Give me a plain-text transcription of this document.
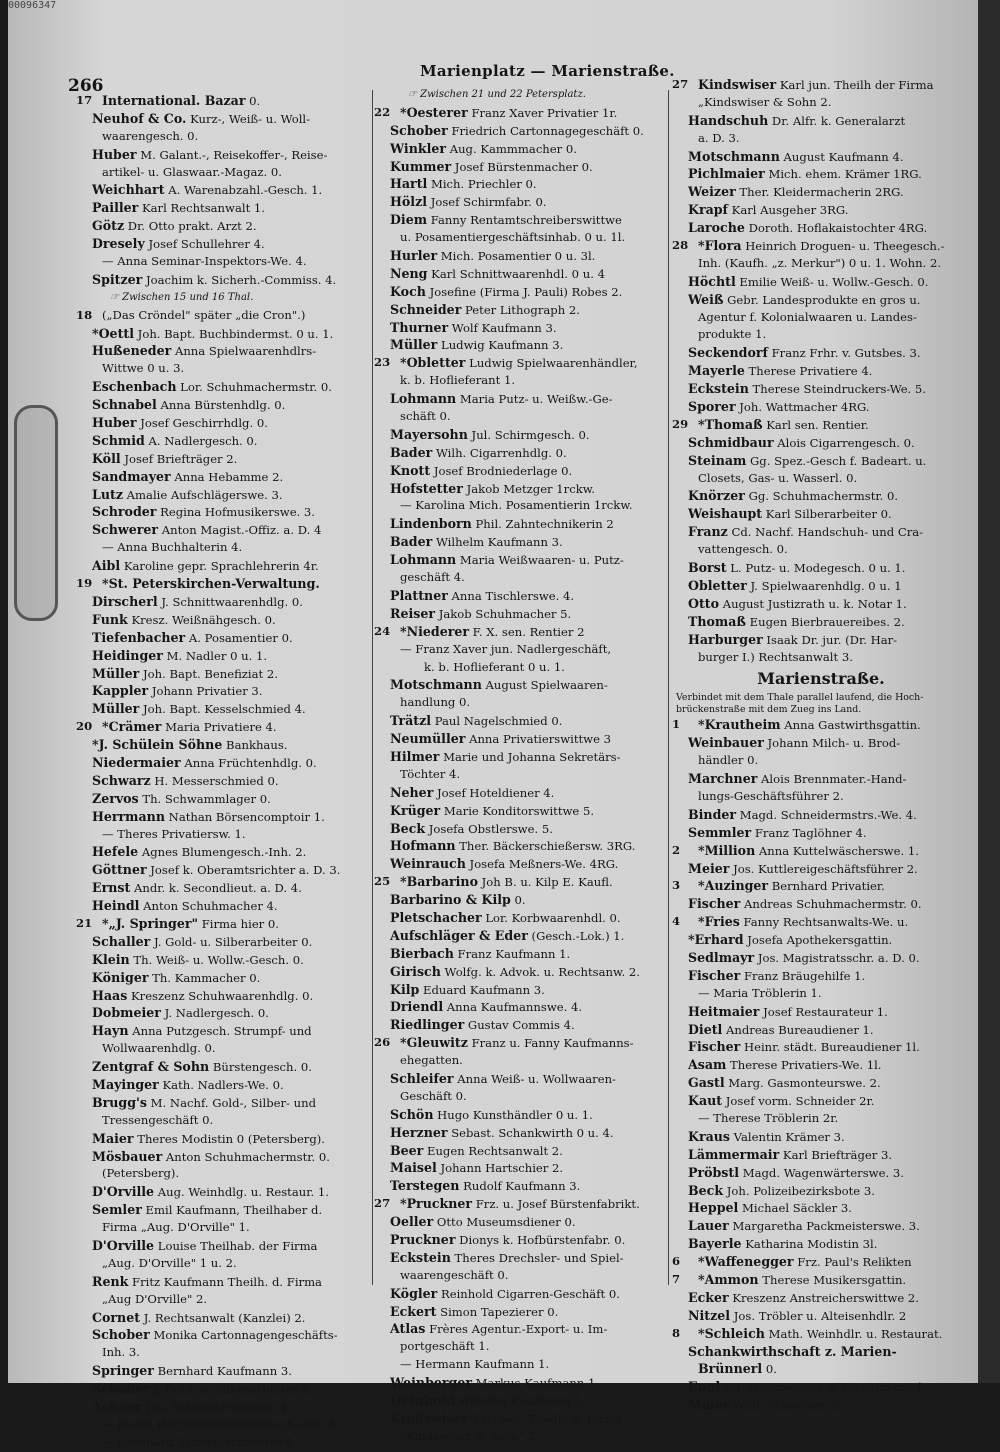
00096347
266
Marienplatz — Marienstraße.
17 International. Bazar 0.
Neuhof & Co. Kurz-, Weiß- u. Woll-
waarengesch. 0.
Huber M. Galant.-, Reisekoffer-, Reise-
artikel- u. Glaswaar.-Magaz. 0.
Weichhart A. Warenabzahl.-Gesch. 1.
Pailler Karl Rechtsanwalt 1.
Götz Dr. Otto prakt. Arzt 2.
Dresely Josef Schullehrer 4.
— Anna Seminar-Inspektors-We. 4.
Spitzer Joachim k. Sicherh.-Commiss. 4.
☞ Zwischen 15 und 16 Thal.
18 („Das Cröndel" später „die Cron".)
*Oettl Joh. Bapt. Buchbindermst. 0 u. 1.
Hußeneder Anna Spielwaarenhdlrs-
Wittwe 0 u. 3.
Eschenbach Lor. Schuhmachermstr. 0.
Schnabel Anna Bürstenhdlg. 0.
Huber Josef Geschirrhdlg. 0.
Schmid A. Nadlergesch. 0.
Köll Josef Briefträger 2.
Sandmayer Anna Hebamme 2.
Lutz Amalie Aufschlägerswe. 3.
Schroder Regina Hofmusikerswe. 3.
Schwerer Anton Magist.-Offiz. a. D. 4
— Anna Buchhalterin 4.
Aibl Karoline gepr. Sprachlehrerin 4r.
19 *St. Peterskirchen-Verwaltung.
Dirscherl J. Schnittwaarenhdlg. 0.
Funk Kresz. Weißnähgesch. 0.
Tiefenbacher A. Posamentier 0.
Heidinger M. Nadler 0 u. 1.
Müller Joh. Bapt. Benefiziat 2.
Kappler Johann Privatier 3.
Müller Joh. Bapt. Kesselschmied 4.
20 *Crämer Maria Privatiere 4.
*J. Schülein Söhne Bankhaus.
Niedermaier Anna Früchtenhdlg. 0.
Schwarz H. Messerschmied 0.
Zervos Th. Schwammlager 0.
Herrmann Nathan Börsencomptoir 1.
— Theres Privatiersw. 1.
Hefele Agnes Blumengesch.-Inh. 2.
Göttner Josef k. Oberamtsrichter a. D. 3.
Ernst Andr. k. Secondlieut. a. D. 4.
Heindl Anton Schuhmacher 4.
21 *„J. Springer" Firma hier 0.
Schaller J. Gold- u. Silberarbeiter 0.
Klein Th. Weiß- u. Wollw.-Gesch. 0.
Königer Th. Kammacher 0.
Haas Kreszenz Schuhwaarenhdlg. 0.
Dobmeier J. Nadlergesch. 0.
Hayn Anna Putzgesch. Strumpf- und
Wollwaarenhdlg. 0.
Zentgraf & Sohn Bürstengesch. 0.
Mayinger Kath. Nadlers-We. 0.
Brugg's M. Nachf. Gold-, Silber- und
Tressengeschäft 0.
Maier Theres Modistin 0 (Petersberg).
Mösbauer Anton Schuhmachermstr. 0.
(Petersberg).
D'Orville Aug. Weinhdlg. u. Restaur. 1.
Semler Emil Kaufmann, Theilhaber d.
Firma „Aug. D'Orville" 1.
D'Orville Louise Theilhab. der Firma
„Aug. D'Orville" 1 u. 2.
Renk Fritz Kaufmann Theilh. d. Firma
„Aug D'Orville" 2.
Cornet J. Rechtsanwalt (Kanzlei) 2.
Schober Monika Cartonnagengeschäfts-
Inh. 3.
Springer Bernhard Kaufmann 3.
Schaller J. Gold- u. Silberarbeiter 4.
Achner Jos. Schneidermeister 4.
— Josefa Herrengarderobegesch.-Inh. 4.
— Leonhard Schneidermeister 4.
☞ Zwischen 21 und 22 Petersplatz.
22 *Oesterer Franz Xaver Privatier 1r.
Schober Friedrich Cartonnagegeschäft 0.
Winkler Aug. Kammmacher 0.
Kummer Josef Bürstenmacher 0.
Hartl Mich. Priechler 0.
Hölzl Josef Schirmfabr. 0.
Diem Fanny Rentamtschreiberswittwe
u. Posamentiergeschäftsinhab. 0 u. 1l.
Hurler Mich. Posamentier 0 u. 3l.
Neng Karl Schnittwaarenhdl. 0 u. 4
Koch Josefine (Firma J. Pauli) Robes 2.
Schneider Peter Lithograph 2.
Thurner Wolf Kaufmann 3.
Müller Ludwig Kaufmann 3.
23 *Obletter Ludwig Spielwaarenhändler,
k. b. Hoflieferant 1.
Lohmann Maria Putz- u. Weißw.-Ge-
schäft 0.
Mayersohn Jul. Schirmgesch. 0.
Bader Wilh. Cigarrenhdlg. 0.
Knott Josef Brodniederlage 0.
Hofstetter Jakob Metzger 1rckw.
— Karolina Mich. Posamentierin 1rckw.
Lindenborn Phil. Zahntechnikerin 2
Bader Wilhelm Kaufmann 3.
Lohmann Maria Weißwaaren- u. Putz-
geschäft 4.
Plattner Anna Tischlerswe. 4.
Reiser Jakob Schuhmacher 5.
24 *Niederer F. X. sen. Rentier 2
— Franz Xaver jun. Nadlergeschäft,
k. b. Hoflieferant 0 u. 1.
Motschmann August Spielwaaren-
handlung 0.
Trätzl Paul Nagelschmied 0.
Neumüller Anna Privatierswittwe 3
Hilmer Marie und Johanna Sekretärs-
Töchter 4.
Neher Josef Hoteldiener 4.
Krüger Marie Konditorswittwe 5.
Beck Josefa Obstlerswe. 5.
Hofmann Ther. Bäckerschießersw. 3RG.
Weinrauch Josefa Meßners-We. 4RG.
25 *Barbarino Joh B. u. Kilp E. Kaufl.
Barbarino & Kilp 0.
Pletschacher Lor. Korbwaarenhdl. 0.
Aufschläger & Eder (Gesch.-Lok.) 1.
Bierbach Franz Kaufmann 1.
Girisch Wolfg. k. Advok. u. Rechtsanw. 2.
Kilp Eduard Kaufmann 3.
Driendl Anna Kaufmannswe. 4.
Riedlinger Gustav Commis 4.
26 *Gleuwitz Franz u. Fanny Kaufmanns-
ehegatten.
Schleifer Anna Weiß- u. Wollwaaren-
Geschäft 0.
Schön Hugo Kunsthändler 0 u. 1.
Herzner Sebast. Schankwirth 0 u. 4.
Beer Eugen Rechtsanwalt 2.
Maisel Johann Hartschier 2.
Terstegen Rudolf Kaufmann 3.
27 *Pruckner Frz. u. Josef Bürstenfabrikt.
Oeller Otto Museumsdiener 0.
Pruckner Dionys k. Hofbürstenfabr. 0.
Eckstein Theres Drechsler- und Spiel-
waarengeschäft 0.
Kögler Reinhold Cigarren-Geschäft 0.
Eckert Simon Tapezierer 0.
Atlas Frères Agentur.-Export- u. Im-
portgeschäft 1.
— Hermann Kaufmann 1.
Weinberger Markus Kaufmann 1.
Heinhold Wilhelm Kaufmann 1.
Kindswiser Karl sen. Theilh. d. Firma
„Kindswiser & Sohn" 2.
27 Kindswiser Karl jun. Theilh der Firma
„Kindswiser & Sohn 2.
Handschuh Dr. Alfr. k. Generalarzt
a. D. 3.
Motschmann August Kaufmann 4.
Pichlmaier Mich. ehem. Krämer 1RG.
Weizer Ther. Kleidermacherin 2RG.
Krapf Karl Ausgeher 3RG.
Laroche Doroth. Hoflakaistochter 4RG.
28 *Flora Heinrich Droguen- u. Theegesch.-
Inh. (Kaufh. „z. Merkur") 0 u. 1. Wohn. 2.
Höchtl Emilie Weiß- u. Wollw.-Gesch. 0.
Weiß Gebr. Landesprodukte en gros u.
Agentur f. Kolonialwaaren u. Landes-
produkte 1.
Seckendorf Franz Frhr. v. Gutsbes. 3.
Mayerle Therese Privatiere 4.
Eckstein Therese Steindruckers-We. 5.
Sporer Joh. Wattmacher 4RG.
29 *Thomaß Karl sen. Rentier.
Schmidbaur Alois Cigarrengesch. 0.
Steinam Gg. Spez.-Gesch f. Badeart. u.
Closets, Gas- u. Wasserl. 0.
Knörzer Gg. Schuhmachermstr. 0.
Weishaupt Karl Silberarbeiter 0.
Franz Cd. Nachf. Handschuh- und Cra-
vattengesch. 0.
Borst L. Putz- u. Modegesch. 0 u. 1.
Obletter J. Spielwaarenhdlg. 0 u. 1
Otto August Justizrath u. k. Notar 1.
Thomaß Eugen Bierbrauereibes. 2.
Harburger Isaak Dr. jur. (Dr. Har-
burger I.) Rechtsanwalt 3.
Marienstraße.
Verbindet mit dem Thale parallel laufend, die Hoch-
brückenstraße mit dem Zueg ins Land.
1 *Krautheim Anna Gastwirthsgattin.
Weinbauer Johann Milch- u. Brod-
händler 0.
Marchner Alois Brennmater.-Hand-
lungs-Geschäftsführer 2.
Binder Magd. Schneidermstrs.-We. 4.
Semmler Franz Taglöhner 4.
2 *Million Anna Kuttelwäscherswe. 1.
Meier Jos. Kuttlereigeschäftsführer 2.
3 *Auzinger Bernhard Privatier.
Fischer Andreas Schuhmachermstr. 0.
4 *Fries Fanny Rechtsanwalts-We. u.
*Erhard Josefa Apothekersgattin.
Sedlmayr Jos. Magistratsschr. a. D. 0.
Fischer Franz Bräugehilfe 1.
— Maria Tröblerin 1.
Heitmaier Josef Restaurateur 1.
Dietl Andreas Bureaudiener 1.
Fischer Heinr. städt. Bureaudiener 1l.
Asam Therese Privatiers-We. 1l.
Gastl Marg. Gasmonteurswe. 2.
Kaut Josef vorm. Schneider 2r.
— Therese Tröblerin 2r.
Kraus Valentin Krämer 3.
Lämmermair Karl Briefträger 3.
Pröbstl Magd. Wagenwärterswe. 3.
Beck Joh. Polizeibezirksbote 3.
Heppel Michael Säckler 3.
Lauer Margaretha Packmeisterswe. 3.
Bayerle Katharina Modistin 3l.
6 *Waffenegger Frz. Paul's Relikten
7 *Ammon Therese Musikersgattin.
Ecker Kreszenz Anstreicherswittwe 2.
Nitzel Jos. Tröbler u. Alteisenhdlr. 2
8 *Schleich Math. Weinhdlr. u. Restaurat.
Schankwirthschaft z. Marien-
Brünnerl 0.
Engl Gg. Hausmeister u. Dienstmann 1.
Maier Wilh. Schneider 3l.
